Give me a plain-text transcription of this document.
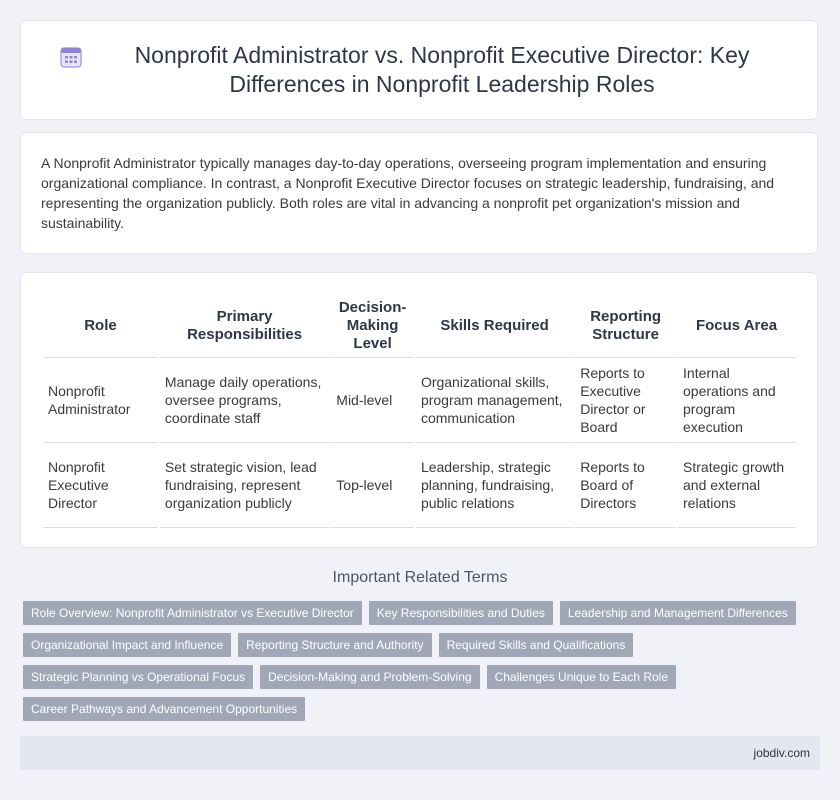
Nonprofit Administrator vs. Nonprofit Executive Director: Key Differences in Nonprofit Leadership Roles

A Nonprofit Administrator typically manages day-to-day operations, overseeing program implementation and ensuring organizational compliance. In contrast, a Nonprofit Executive Director focuses on strategic leadership, fundraising, and representing the organization publicly. Both roles are vital in advancing a nonprofit pet organization's mission and sustainability.

Role	Primary Responsibilities	Decision-Making Level	Skills Required	Reporting Structure	Focus Area
Nonprofit Administrator	Manage daily operations, oversee programs, coordinate staff	Mid-level	Organizational skills, program management, communication	Reports to Executive Director or Board	Internal operations and program execution
Nonprofit Executive Director	Set strategic vision, lead fundraising, represent organization publicly	Top-level	Leadership, strategic planning, fundraising, public relations	Reports to Board of Directors	Strategic growth and external relations
Important Related Terms
Role Overview: Nonprofit Administrator vs Executive Director Key Responsibilities and Duties Leadership and Management Differences
Organizational Impact and Influence Reporting Structure and Authority Required Skills and Qualifications
Strategic Planning vs Operational Focus Decision-Making and Problem-Solving Challenges Unique to Each Role
Career Pathways and Advancement Opportunities
jobdiv.com
